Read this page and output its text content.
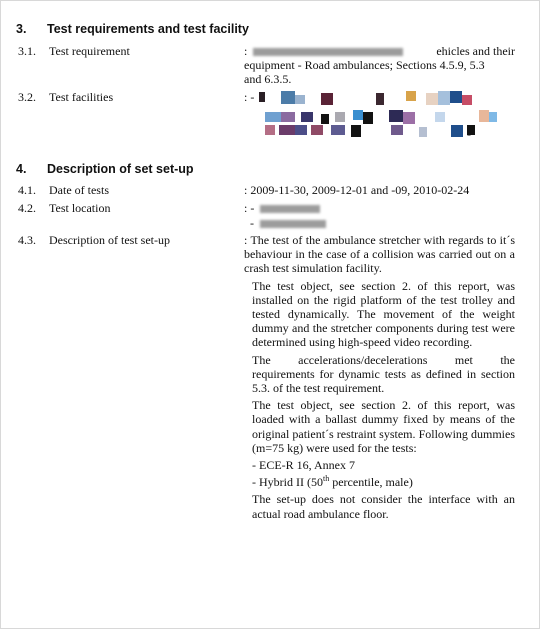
3. Test requirements and test facility
3.1. Test requirement	:	ehicles and their
equipment - Road ambulances; Sections 4.5.9, 5.3
and 6.3.5.
3.2. Test facilities	: -
-
4. Description of set set-up
4.1. Date of tests	: 2009-11-30, 2009-12-01 and -09, 2010-02-24
4.2. Test location	: -
-
4.3. Description of test set-up	: The test of the ambulance stretcher with regards to it´s behaviour in the case of a collision was carried out on a crash test simulation facility.

The test object, see section 2. of this report, was installed on the rigid platform of the test trolley and tested dynamically. The movement of the weight dummy and the stretcher components during test were determined using high-speed video recording.

The accelerations/decelerations met the

requirements for dynamic tests as defined in section 5.3. of the test requirement.

The test object, see section 2. of this report, was loaded with a ballast dummy fixed by means of the original patient´s restraint system. Following dummies (m=75 kg) were used for the tests:

- ECE-R 16, Annex 7

- Hybrid II (50th percentile, male)

The set-up does not consider the interface with an actual road ambulance floor.
